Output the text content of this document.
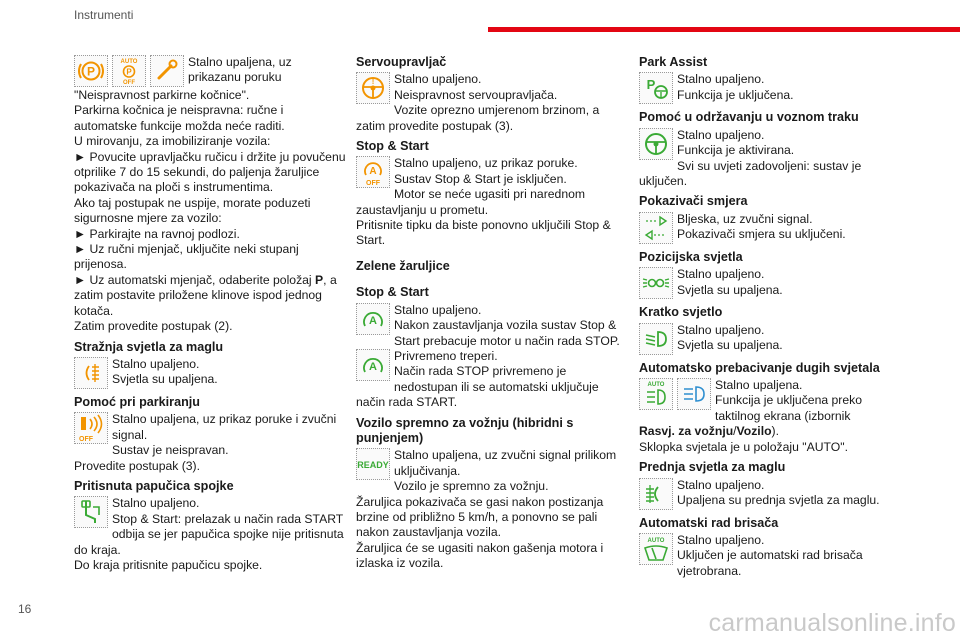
Instrumenti
P
AUTO
P
OFF

Stalno upaljena, uz prikazanu poruku

"Neispravnost parkirne kočnice".

Parkirna kočnica je neispravna: ručne i automatske funkcije možda neće raditi.

U mirovanju, za imobiliziranje vozila:

► Povucite upravljačku ručicu i držite ju povučenu otprilike 7 do 15 sekundi, do paljenja žaruljice pokazivača na ploči s instrumentima.

Ako taj postupak ne uspije, morate poduzeti sigurnosne mjere za vozilo:

► Parkirajte na ravnoj podlozi.

► Uz ručni mjenjač, uključite neki stupanj prijenosa.

► Uz automatski mjenjač, odaberite položaj P, a zatim postavite priložene klinove ispod jednog kotača.

Zatim provedite postupak (2).

Stražnja svjetla za maglu

Stalno upaljeno.

Svjetla su upaljena.

Pomoć pri parkiranju
OFF

Stalno upaljena, uz prikaz poruke i zvučni signal.

Sustav je neispravan.

Provedite postupak (3).

Pritisnuta papučica spojke

Stalno upaljeno.

Stop & Start: prelazak u način rada START odbija se jer papučica spojke nije pritisnuta do kraja.

Do kraja pritisnite papučicu spojke.

Servoupravljač
!	Stalno upaljeno.

Neispravnost servoupravljača.

Vozite oprezno umjerenom brzinom, a zatim provedite postupak (3).

Stop & Start
A
OFF

Stalno upaljeno, uz prikaz poruke.

Sustav Stop & Start je isključen.

Motor se neće ugasiti pri narednom zaustavljanju u prometu.

Pritisnite tipku da biste ponovno uključili Stop & Start.

Zelene žaruljice
Stop & Start
A

Stalno upaljeno.

Nakon zaustavljanja vozila sustav Stop & Start prebacuje motor u način rada STOP.

A

Privremeno treperi.

Način rada STOP privremeno je nedostupan ili se automatski uključuje način rada START.

Vozilo spremno za vožnju (hibridni s punjenjem)
READY

Stalno upaljena, uz zvučni signal prilikom uključivanja.

Vozilo je spremno za vožnju.

Žaruljica pokazivača se gasi nakon postizanja brzine od približno 5 km/h, a ponovno se pali nakon zaustavljanja vozila.

Žaruljica će se ugasiti nakon gašenja motora i izlaska iz vozila.

Park Assist
P	Stalno upaljeno.

Funkcija je uključena.

Pomoć u održavanju u voznom traku

Stalno upaljeno.

Funkcija je aktivirana.

Svi su uvjeti zadovoljeni: sustav je uključen.

Pokazivači smjera

Bljeska, uz zvučni signal.

Pokazivači smjera su uključeni.

Pozicijska svjetla

Stalno upaljeno.

Svjetla su upaljena.

Kratko svjetlo

Stalno upaljeno.

Svjetla su upaljena.

Automatsko prebacivanje dugih svjetala
AUTO	Stalno upaljena.

Funkcija je uključena preko

taktilnog ekrana (izbornik Rasvj. za vožnju/Vozilo).

Sklopka svjetala je u položaju "AUTO".

Prednja svjetla za maglu

Stalno upaljeno.

Upaljena su prednja svjetla za maglu.

Automatski rad brisača
AUTO	Stalno upaljeno.

Uključen je automatski rad brisača vjetrobrana.

16	carmanualsonline.info
